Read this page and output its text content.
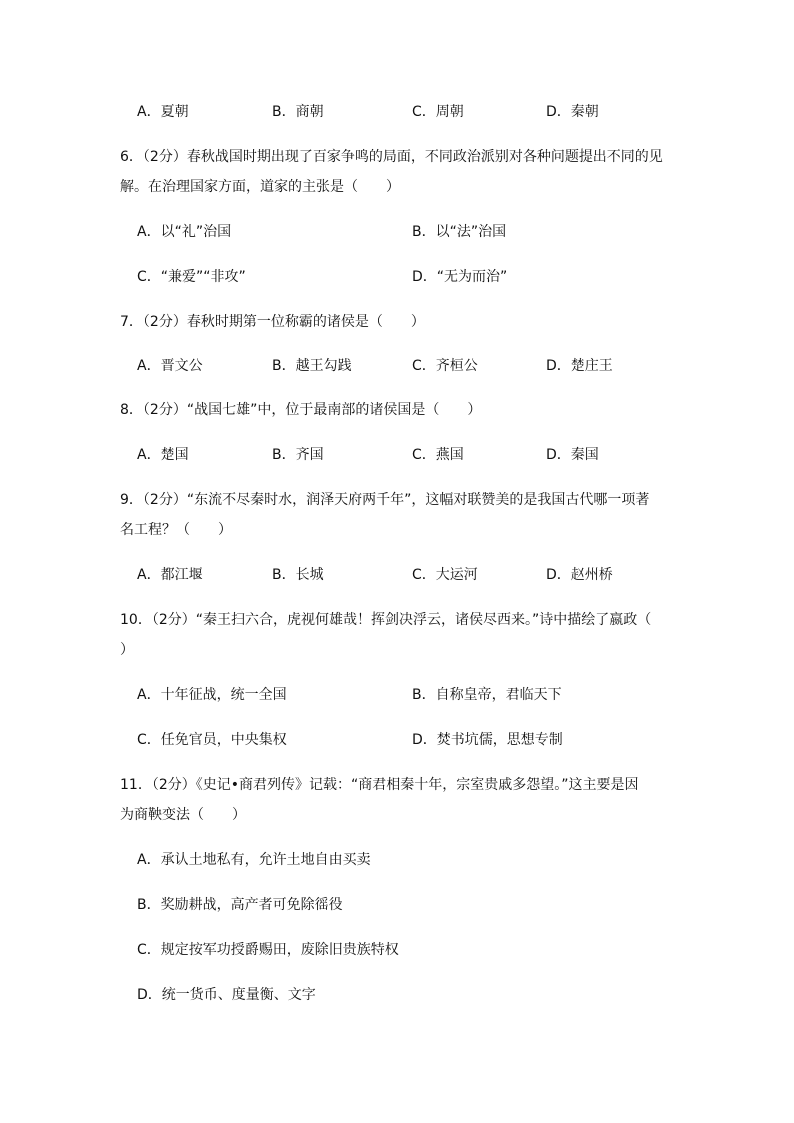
A．夏朝	B．商朝	C．周朝	D．秦朝
6．（2分）春秋战国时期出现了百家争鸣的局面，不同政治派别对各种问题提出不同的见
解。在治理国家方面，道家的主张是（　　）
A．以“礼”治国	B．以“法”治国
C．“兼爱”“非攻”	D．“无为而治”
7．（2分）春秋时期第一位称霸的诸侯是（　　）
A．晋文公	B．越王勾践	C．齐桓公	D．楚庄王
8．（2分）“战国七雄”中，位于最南部的诸侯国是（　　）
A．楚国	B．齐国	C．燕国	D．秦国
9．（2分）“东流不尽秦时水，润泽天府两千年”，这幅对联赞美的是我国古代哪一项著
名工程？（　　）
A．都江堰	B．长城	C．大运河	D．赵州桥
10．（2分）“秦王扫六合，虎视何雄哉！挥剑决浮云，诸侯尽西来。”诗中描绘了嬴政（
）
A．十年征战，统一全国	B．自称皇帝，君临天下
C．任免官员，中央集权	D．焚书坑儒，思想专制
11．（2分）《史记•商君列传》记载：“商君相秦十年，宗室贵戚多怨望。”这主要是因
为商鞅变法（　　）
A．承认土地私有，允许土地自由买卖
B．奖励耕战，高产者可免除徭役
C．规定按军功授爵赐田，废除旧贵族特权
D．统一货币、度量衡、文字
